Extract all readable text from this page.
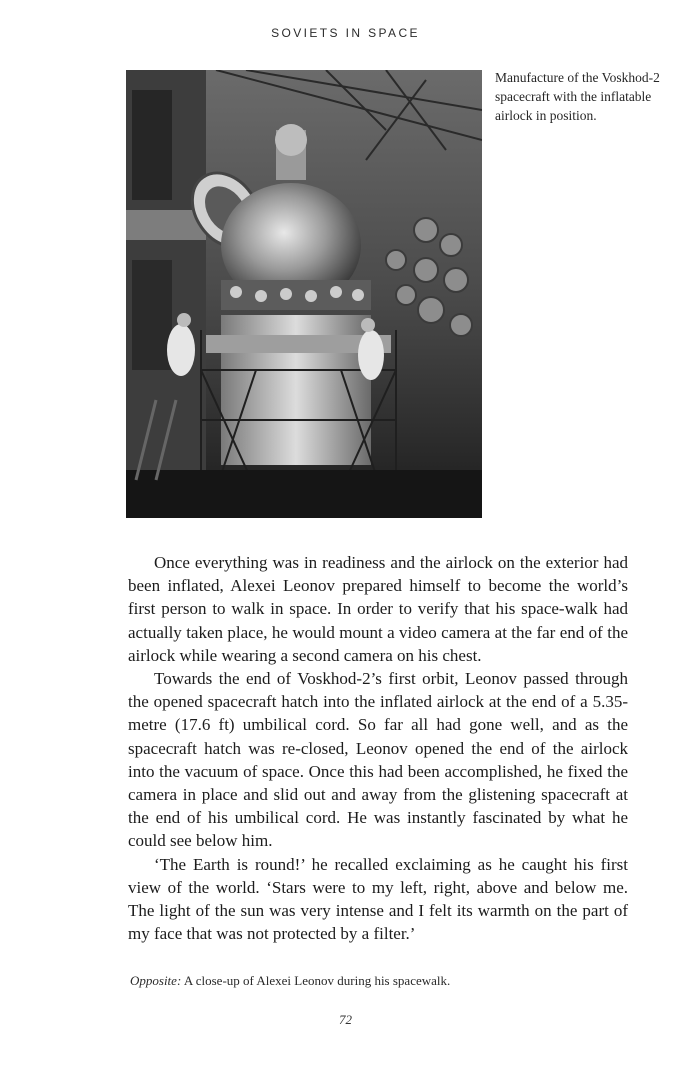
SOVIETS IN SPACE
Manufacture of the Voskhod-2 spacecraft with the inflatable airlock in position.

Once everything was in readiness and the airlock on the exterior had been inflated, Alexei Leonov prepared himself to become the world’s first person to walk in space. In order to verify that his space-walk had actually taken place, he would mount a video camera at the far end of the airlock while wearing a second camera on his chest.

Towards the end of Voskhod-2’s first orbit, Leonov passed through the opened spacecraft hatch into the inflated airlock at the end of a 5.35-metre (17.6 ft) umbilical cord. So far all had gone well, and as the spacecraft hatch was re-closed, Leonov opened the end of the airlock into the vacuum of space. Once this had been accomplished, he fixed the camera in place and slid out and away from the glistening spacecraft at the end of his umbilical cord. He was instantly fascinated by what he could see below him.

‘The Earth is round!’ he recalled exclaiming as he caught his first view of the world. ‘Stars were to my left, right, above and below me. The light of the sun was very intense and I felt its warmth on the part of my face that was not protected by a filter.’

Opposite: A close-up of Alexei Leonov during his spacewalk.
72
